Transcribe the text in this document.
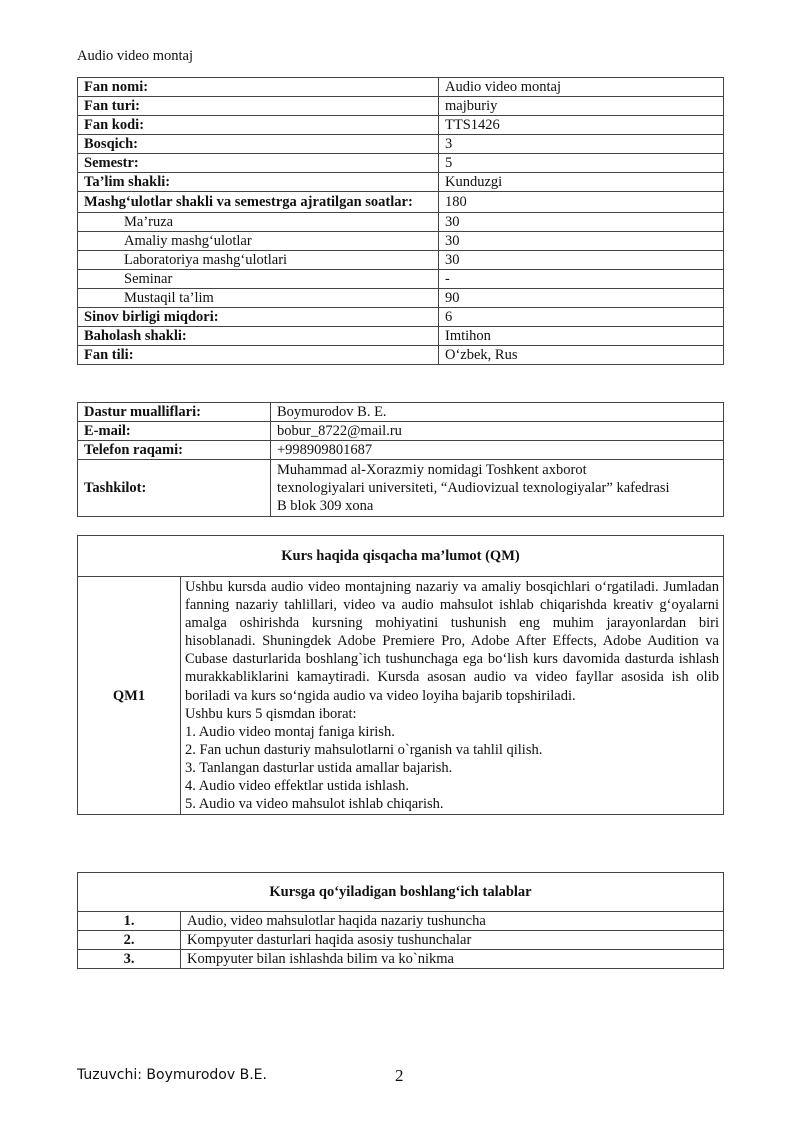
Audio video montaj
Fan nomi:	Audio video montaj
Fan turi:	majburiy
Fan kodi:	TTS1426
Bosqich:	3
Semestr:	5
Ta’lim shakli:	Kunduzgi
Mashg‘ulotlar shakli va semestrga ajratilgan soatlar:	180
Ma’ruza	30
Amaliy mashg‘ulotlar	30
Laboratoriya mashg‘ulotlari	30
Seminar	-
Mustaqil ta’lim	90
Sinov birligi miqdori:	6
Baholash shakli:	Imtihon
Fan tili:	O‘zbek, Rus
Dastur mualliflari:	Boymurodov B. E.
E-mail:	bobur_8722@mail.ru
Telefon raqami:	+998909801687
Tashkilot:	Muhammad al-Xorazmiy nomidagi Toshkent axborot
texnologiyalari universiteti, “Audiovizual texnologiyalar” kafedrasi
B blok 309 xona
Kurs haqida qisqacha ma’lumot (QM)
QM1	
Ushbu kursda audio video montajning nazariy va amaliy bosqichlari o‘rgatiladi. Jumladan fanning nazariy tahlillari, video va audio mahsulot ishlab chiqarishda kreativ g‘oyalarni amalga oshirishda kursning mohiyatini tushunish eng muhim jarayonlardan biri hisoblanadi. Shuningdek Adobe Premiere Pro, Adobe After Effects, Adobe Audition va Cubase dasturlarida boshlang`ich tushunchaga ega bo‘lish kurs davomida dasturda ishlash murakkabliklarini kamaytiradi. Kursda asosan audio va video fayllar asosida ish olib boriladi va kurs so‘ngida audio va video loyiha bajarib topshiriladi.
Ushbu kurs 5 qismdan iborat:
1. Audio video montaj faniga kirish.
2. Fan uchun dasturiy mahsulotlarni o`rganish va tahlil qilish.
3. Tanlangan dasturlar ustida amallar bajarish.
4. Audio video effektlar ustida ishlash.
5. Audio va video mahsulot ishlab chiqarish.
Kursga qo‘yiladigan boshlang‘ich talablar	
1.	Audio, video mahsulotlar haqida nazariy tushuncha
2.	Kompyuter dasturlari haqida asosiy tushunchalar
3.	Kompyuter bilan ishlashda bilim va ko`nikma
Tuzuvchi: Boymurodov B.E.	2
